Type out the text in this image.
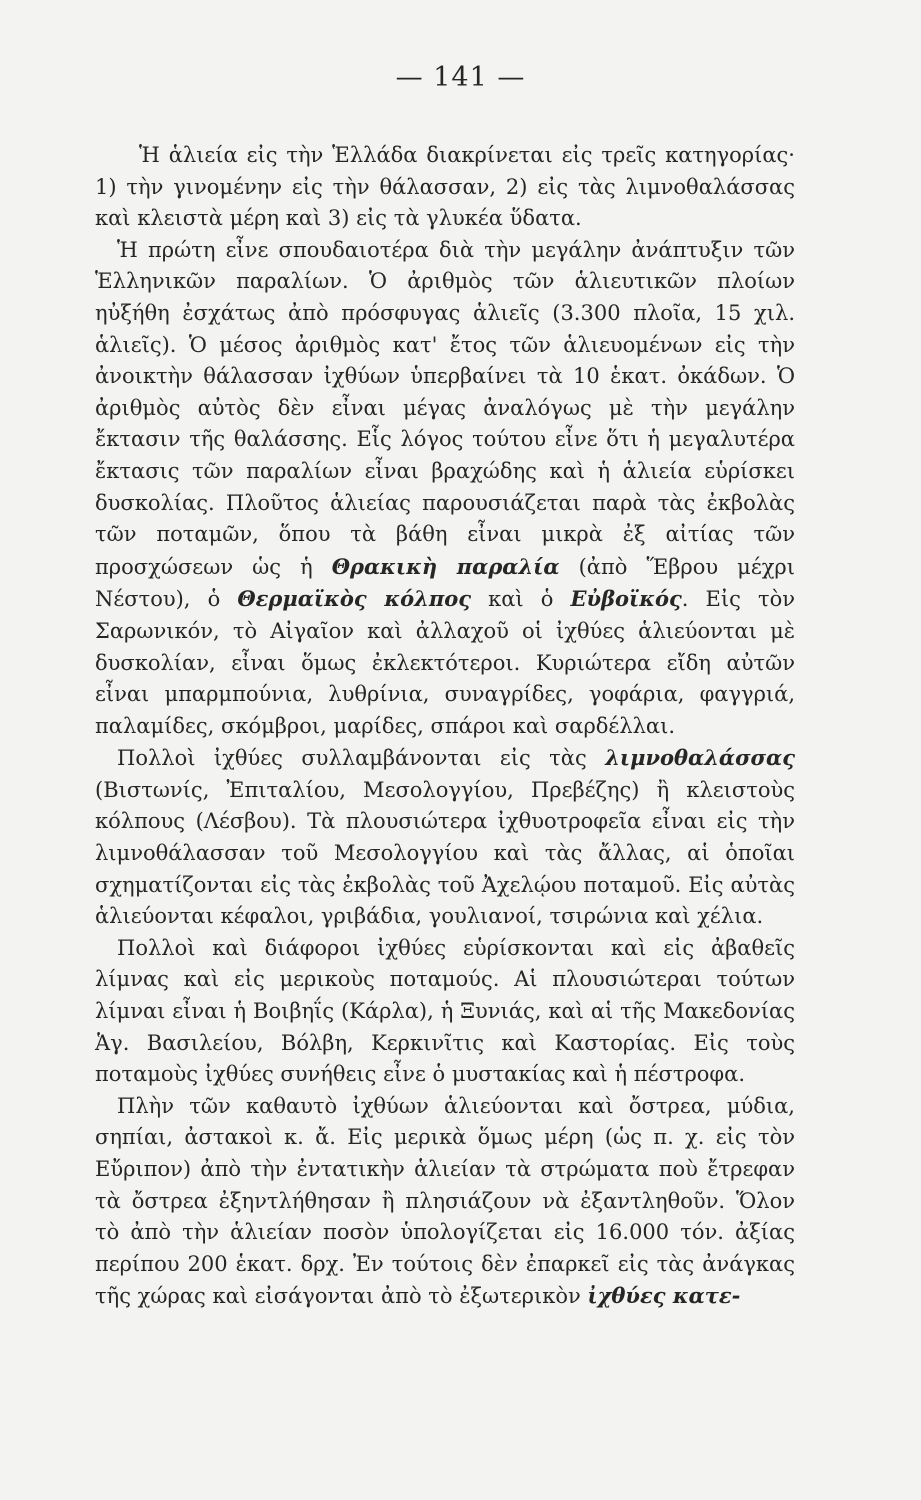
— 141 —

Ἡ ἁλιεία εἰς τὴν Ἑλλάδα διακρίνεται εἰς τρεῖς κατηγορίας· 1) τὴν γινομένην εἰς τὴν θάλασσαν, 2) εἰς τὰς λιμνοθαλάσσας καὶ κλειστὰ μέρη καὶ 3) εἰς τὰ γλυκέα ὕδατα.

Ἡ πρώτη εἶνε σπουδαιοτέρα διὰ τὴν μεγάλην ἀνάπτυξιν τῶν Ἑλληνικῶν παραλίων. Ὁ ἀριθμὸς τῶν ἁλιευτικῶν πλοίων ηὐξήθη ἐσχάτως ἀπὸ πρόσφυγας ἁλιεῖς (3.300 πλοῖα, 15 χιλ. ἁλιεῖς). Ὁ μέσος ἀριθμὸς κατ' ἔτος τῶν ἁλιευομένων εἰς τὴν ἀνοικτὴν θάλασσαν ἰχθύων ὑπερβαίνει τὰ 10 ἑκατ. ὀκάδων. Ὁ ἀριθμὸς αὐτὸς δὲν εἶναι μέγας ἀναλόγως μὲ τὴν μεγάλην ἔκτασιν τῆς θαλάσσης. Εἷς λόγος τούτου εἶνε ὅτι ἡ μεγαλυτέρα ἔκτασις τῶν παραλίων εἶναι βραχώδης καὶ ἡ ἁλιεία εὑρίσκει δυσκολίας. Πλοῦτος ἁλιείας παρουσιάζεται παρὰ τὰς ἐκβολὰς τῶν ποταμῶν, ὅπου τὰ βάθη εἶναι μικρὰ ἐξ αἰτίας τῶν προσχώσεων ὡς ἡ Θρακικὴ παραλία (ἀπὸ Ἕβρου μέχρι Νέστου), ὁ Θερμαϊκὸς κόλπος καὶ ὁ Εὐβοϊκός. Εἰς τὸν Σαρωνικόν, τὸ Αἰγαῖον καὶ ἀλλαχοῦ οἱ ἰχθύες ἁλιεύονται μὲ δυσκολίαν, εἶναι ὅμως ἐκλεκτότεροι. Κυριώτερα εἴδη αὐτῶν εἶναι μπαρμπούνια, λυθρίνια, συναγρίδες, γοφάρια, φαγγριά, παλαμίδες, σκόμβροι, μαρίδες, σπάροι καὶ σαρδέλλαι.

Πολλοὶ ἰχθύες συλλαμβάνονται εἰς τὰς λιμνοθαλάσσας (Βιστωνίς, Ἐπιταλίου, Μεσολογγίου, Πρεβέζης) ἢ κλειστοὺς κόλπους (Λέσβου). Τὰ πλουσιώτερα ἰχθυοτροφεῖα εἶναι εἰς τὴν λιμνοθάλασσαν τοῦ Μεσολογγίου καὶ τὰς ἄλλας, αἱ ὁποῖαι σχηματίζονται εἰς τὰς ἐκβολὰς τοῦ Ἀχελῴου ποταμοῦ. Εἰς αὐτὰς ἁλιεύονται κέφαλοι, γριβάδια, γουλιανοί, τσιρώνια καὶ χέλια.

Πολλοὶ καὶ διάφοροι ἰχθύες εὑρίσκονται καὶ εἰς ἀβαθεῖς λίμνας καὶ εἰς μερικοὺς ποταμούς. Αἱ πλουσιώτεραι τούτων λίμναι εἶναι ἡ Βοιβηΐς (Κάρλα), ἡ Ξυνιάς, καὶ αἱ τῆς Μακεδονίας Ἁγ. Βασιλείου, Βόλβη, Κερκινῖτις καὶ Καστορίας. Εἰς τοὺς ποταμοὺς ἰχθύες συνήθεις εἶνε ὁ μυστακίας καὶ ἡ πέστροφα.

Πλὴν τῶν καθαυτὸ ἰχθύων ἁλιεύονται καὶ ὄστρεα, μύδια, σηπίαι, ἀστακοὶ κ. ἄ. Εἰς μερικὰ ὅμως μέρη (ὡς π. χ. εἰς τὸν Εὔριπον) ἀπὸ τὴν ἐντατικὴν ἁλιείαν τὰ στρώματα ποὺ ἔτρεφαν τὰ ὄστρεα ἐξηντλήθησαν ἢ πλησιάζουν νὰ ἐξαντληθοῦν. Ὅλον τὸ ἀπὸ τὴν ἁλιείαν ποσὸν ὑπολογίζεται εἰς 16.000 τόν. ἀξίας περίπου 200 ἑκατ. δρχ. Ἐν τούτοις δὲν ἐπαρκεῖ εἰς τὰς ἀνάγκας τῆς χώρας καὶ εἰσάγονται ἀπὸ τὸ ἐξωτερικὸν ἰχθύες κατε-
